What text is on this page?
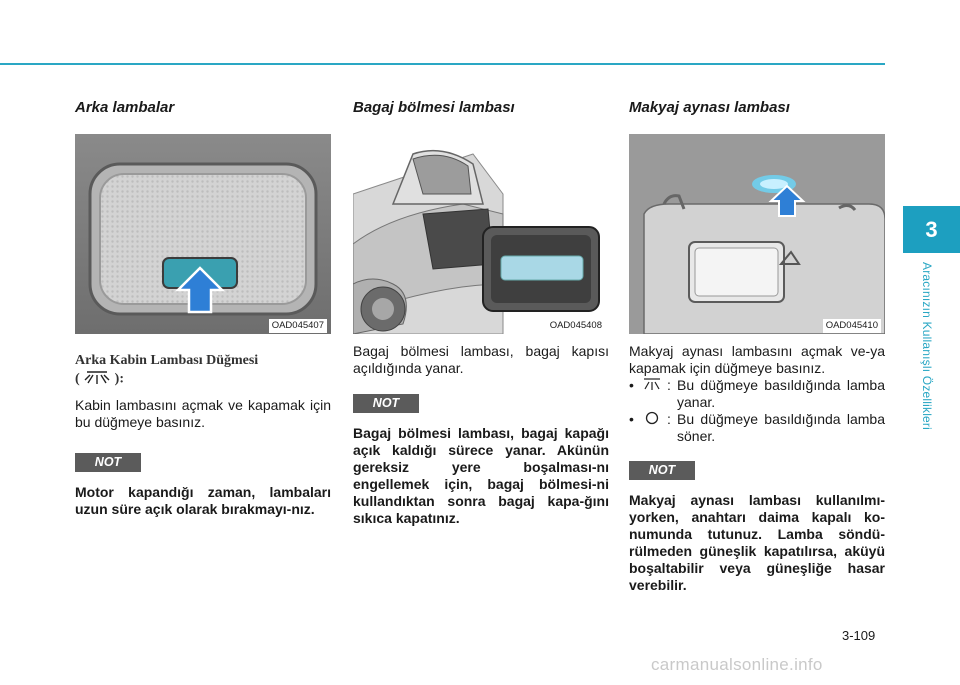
Arka lambalar
OAD045407
Arka Kabin Lambası Düğmesi
(	):

Kabin lambasını açmak ve kapamak için bu düğmeye basınız.

NOT

Motor kapandığı zaman, lambaları uzun süre açık olarak bırakmayı-nız.

Bagaj bölmesi lambası
OAD045408

Bagaj bölmesi lambası, bagaj kapısı açıldığında yanar.

NOT

Bagaj bölmesi lambası, bagaj kapağı açık kaldığı sürece yanar. Akünün gereksiz yere boşalması-nı engellemek için, bagaj bölmesi-ni kullandıktan sonra bagaj kapa-ğını sıkıca kapatınız.

Makyaj aynası lambası
OAD045410

Makyaj aynası lambasını açmak ve-ya kapamak için düğmeye basınız.

•	: Bu düğmeye basıldığında lamba yanar.
•	: Bu düğmeye basıldığında lamba söner.
NOT

Makyaj aynası lambası kullanılmı-yorken, anahtarı daima kapalı ko-numunda tutunuz. Lamba söndü-rülmeden güneşlik kapatılırsa, aküyü boşaltabilir veya güneşliğe hasar verebilir.

3
Aracınızın Kullanışlı Özellikleri
3-109
carmanualsonline.info
